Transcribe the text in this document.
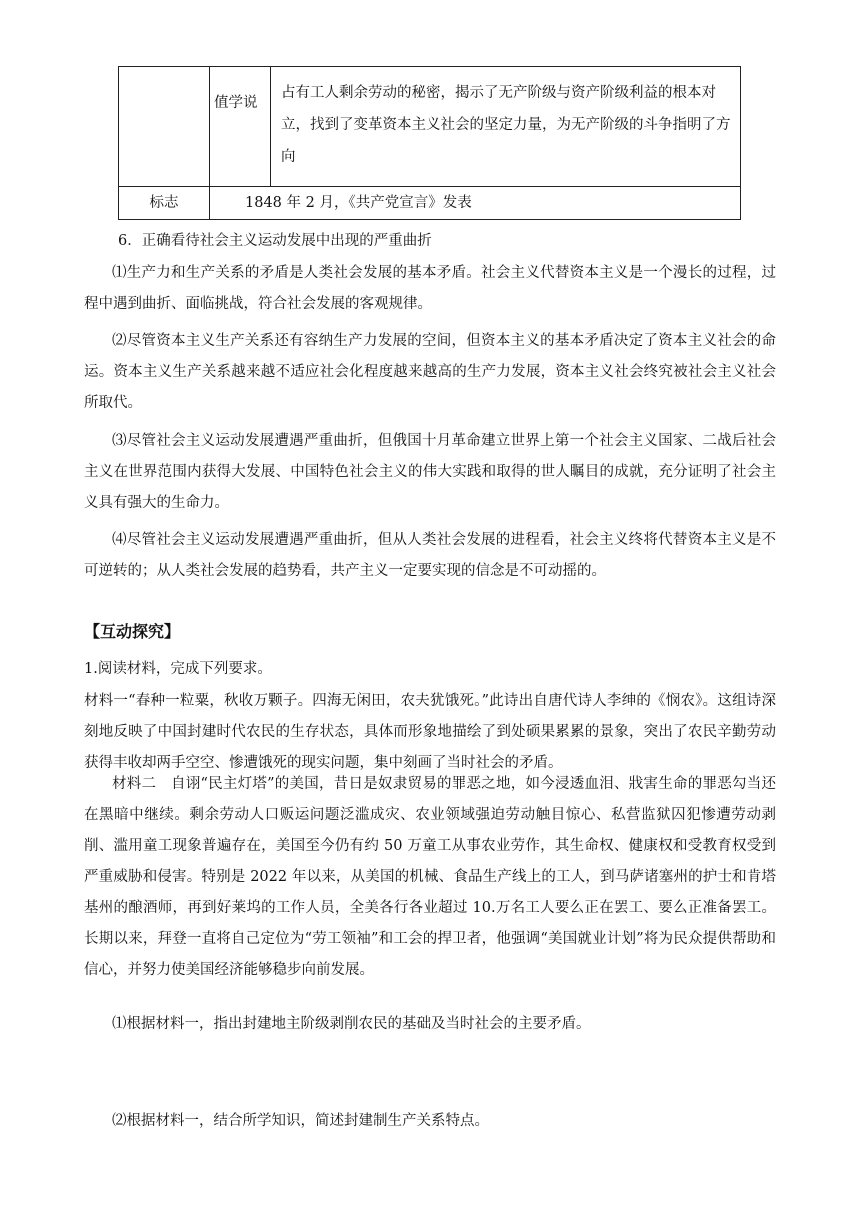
值学说
占有工人剩余劳动的秘密，揭示了无产阶级与资产阶级利益的根本对立，找到了变革资本主义社会的坚定力量，为无产阶级的斗争指明了方向
标志	1848 年 2 月，《共产党宣言》发表
6．正确看待社会主义运动发展中出现的严重曲折
⑴生产力和生产关系的矛盾是人类社会发展的基本矛盾。社会主义代替资本主义是一个漫长的过程，过程中遇到曲折、面临挑战，符合社会发展的客观规律。
⑵尽管资本主义生产关系还有容纳生产力发展的空间，但资本主义的基本矛盾决定了资本主义社会的命运。资本主义生产关系越来越不适应社会化程度越来越高的生产力发展，资本主义社会终究被社会主义社会所取代。
⑶尽管社会主义运动发展遭遇严重曲折，但俄国十月革命建立世界上第一个社会主义国家、二战后社会主义在世界范围内获得大发展、中国特色社会主义的伟大实践和取得的世人瞩目的成就，充分证明了社会主义具有强大的生命力。
⑷尽管社会主义运动发展遭遇严重曲折，但从人类社会发展的进程看，社会主义终将代替资本主义是不可逆转的；从人类社会发展的趋势看，共产主义一定要实现的信念是不可动摇的。
【互动探究】
1.阅读材料，完成下列要求。
材料一“春种一粒粟，秋收万颗子。四海无闲田，农夫犹饿死。”此诗出自唐代诗人李绅的《悯农》。这组诗深刻地反映了中国封建时代农民的生存状态，具体而形象地描绘了到处硕果累累的景象，突出了农民辛勤劳动获得丰收却两手空空、惨遭饿死的现实问题，集中刻画了当时社会的矛盾。
材料二　自诩“民主灯塔”的美国，昔日是奴隶贸易的罪恶之地，如今浸透血泪、戕害生命的罪恶勾当还在黑暗中继续。剩余劳动人口贩运问题泛滥成灾、农业领域强迫劳动触目惊心、私营监狱囚犯惨遭劳动剥削、滥用童工现象普遍存在，美国至今仍有约 50 万童工从事农业劳作，其生命权、健康权和受教育权受到严重威胁和侵害。特别是 2022 年以来，从美国的机械、食品生产线上的工人，到马萨诸塞州的护士和肯塔基州的酿酒师，再到好莱坞的工作人员，全美各行各业超过 10.万名工人要么正在罢工、要么正准备罢工。长期以来，拜登一直将自己定位为“劳工领袖”和工会的捍卫者，他强调“美国就业计划”将为民众提供帮助和信心，并努力使美国经济能够稳步向前发展。
⑴根据材料一，指出封建地主阶级剥削农民的基础及当时社会的主要矛盾。
⑵根据材料一，结合所学知识，简述封建制生产关系特点。
